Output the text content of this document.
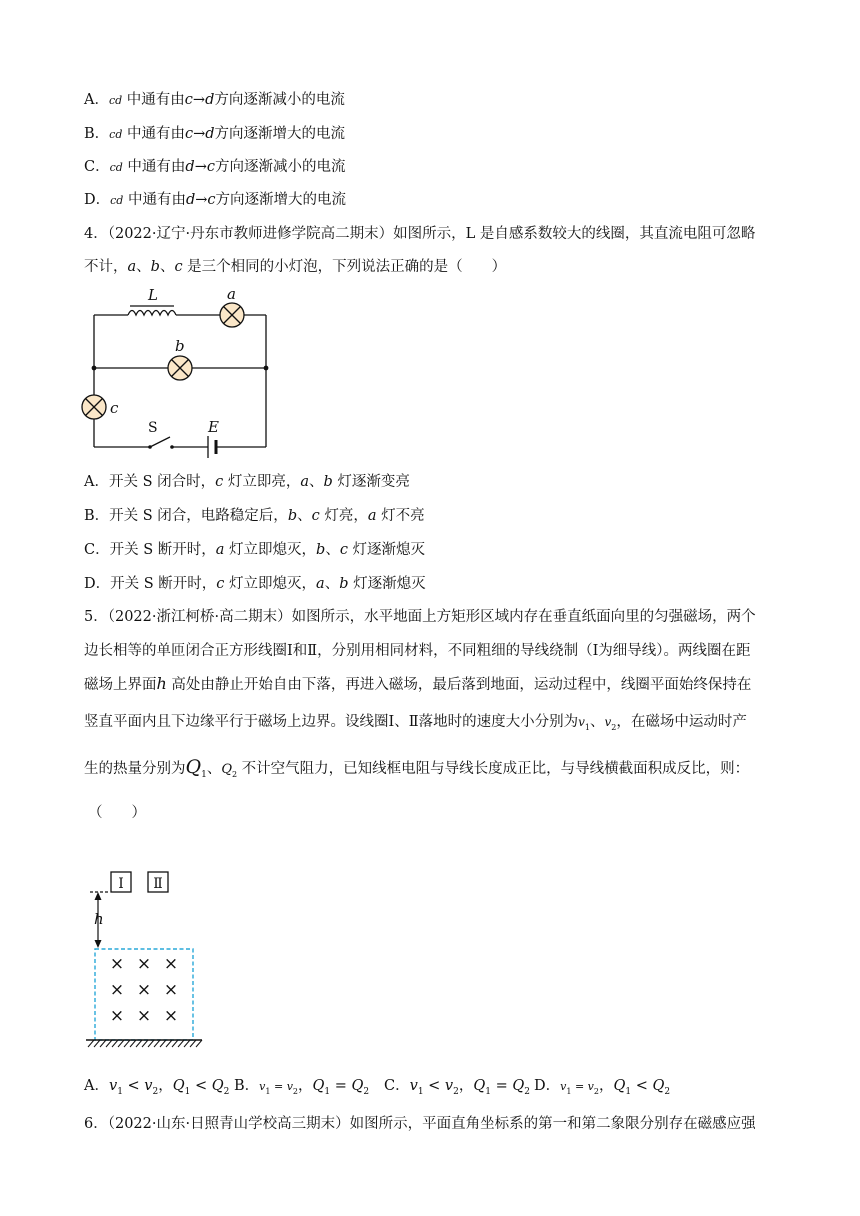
A．cd 中通有由c→d方向逐渐减小的电流
B．cd 中通有由c→d方向逐渐增大的电流
C．cd 中通有由d→c方向逐渐减小的电流
D．cd 中通有由d→c方向逐渐增大的电流
4．（2022·辽宁·丹东市教师进修学院高二期末）如图所示，L 是自感系数较大的线圈，其直流电阻可忽略
不计，a、b、c 是三个相同的小灯泡，下列说法正确的是（　　）
L	a
b
c
S	E
A．开关 S 闭合时，c 灯立即亮，a、b 灯逐渐变亮
B．开关 S 闭合，电路稳定后，b、c 灯亮，a 灯不亮
C．开关 S 断开时，a 灯立即熄灭，b、c 灯逐渐熄灭
D．开关 S 断开时，c 灯立即熄灭，a、b 灯逐渐熄灭
5．（2022·浙江柯桥·高二期末）如图所示，水平地面上方矩形区域内存在垂直纸面向里的匀强磁场，两个
边长相等的单匝闭合正方形线圈Ⅰ和Ⅱ，分别用相同材料，不同粗细的导线绕制（Ⅰ为细导线）。两线圈在距
磁场上界面h 高处由静止开始自由下落，再进入磁场，最后落到地面，运动过程中，线圈平面始终保持在
竖直平面内且下边缘平行于磁场上边界。设线圈Ⅰ、Ⅱ落地时的速度大小分别为$v_1$、$v_2$，在磁场中运动时产
生的热量分别为$Q_1$、$Q_2$ 不计空气阻力，已知线框电阻与导线长度成正比，与导线横截面积成反比，则：
（　　）
Ⅰ Ⅱ
h
× × ×
× × ×
× × ×
A．$v_1 < v_2$，$Q_1 < Q_2$ B．$v_1 = v_2$，$Q_1 = Q_2$ C．$v_1 < v_2$，$Q_1 = Q_2$ D．$v_1 = v_2$，$Q_1 < Q_2$
6．（2022·山东·日照青山学校高三期末）如图所示，平面直角坐标系的第一和第二象限分别存在磁感应强
